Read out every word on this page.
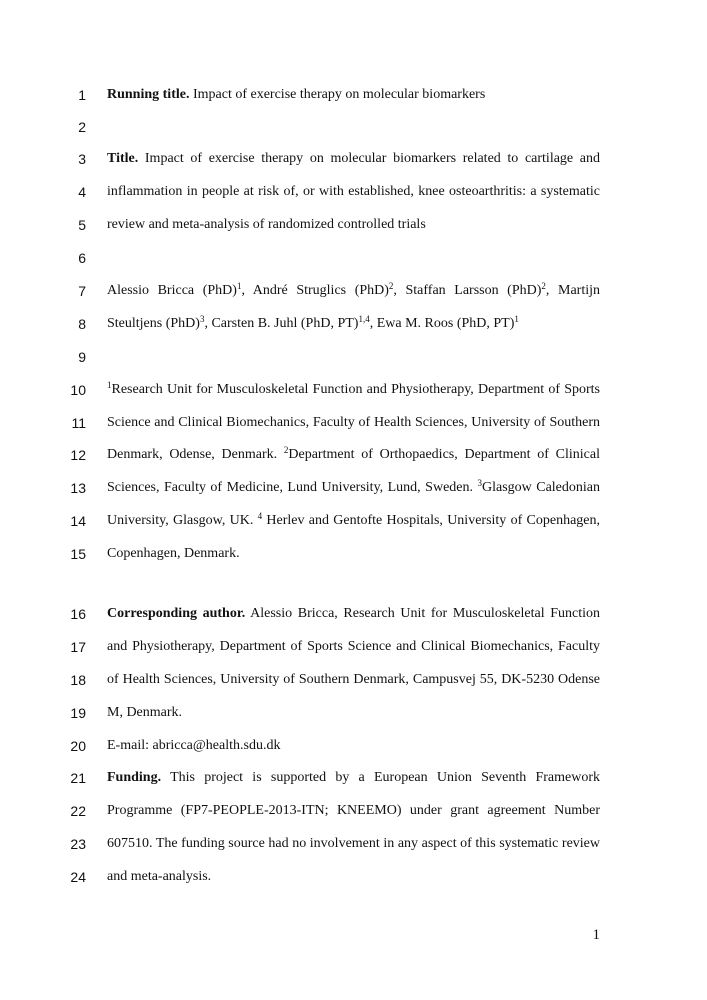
1
2
3
4
5
6
7
8
9
10
11
12
13
14
15
16
17
18
19
20
21
22
23
24
Running title. Impact of exercise therapy on molecular biomarkers
Title. Impact of exercise therapy on molecular biomarkers related to cartilage and
inflammation in people at risk of, or with established, knee osteoarthritis: a systematic
review and meta-analysis of randomized controlled trials
Alessio Bricca (PhD)$^1$, André Struglics (PhD)$^2$, Staffan Larsson (PhD)$^2$, Martijn
Steultjens (PhD)$^3$, Carsten B. Juhl (PhD, PT)$^{1,4}$, Ewa M. Roos (PhD, PT)$^1$
$^1$Research Unit for Musculoskeletal Function and Physiotherapy, Department of Sports
Science and Clinical Biomechanics, Faculty of Health Sciences, University of Southern
Denmark, Odense, Denmark. $^2$Department of Orthopaedics, Department of Clinical
Sciences, Faculty of Medicine, Lund University, Lund, Sweden. $^3$Glasgow Caledonian
University, Glasgow, UK. $^4$ Herlev and Gentofte Hospitals, University of Copenhagen,
Copenhagen, Denmark.
Corresponding author. Alessio Bricca, Research Unit for Musculoskeletal Function
and Physiotherapy, Department of Sports Science and Clinical Biomechanics, Faculty
of Health Sciences, University of Southern Denmark, Campusvej 55, DK-5230 Odense
M, Denmark.
E-mail: abricca@health.sdu.dk
Funding. This project is supported by a European Union Seventh Framework
Programme (FP7-PEOPLE-2013-ITN; KNEEMO) under grant agreement Number
607510. The funding source had no involvement in any aspect of this systematic review
and meta-analysis.
1
